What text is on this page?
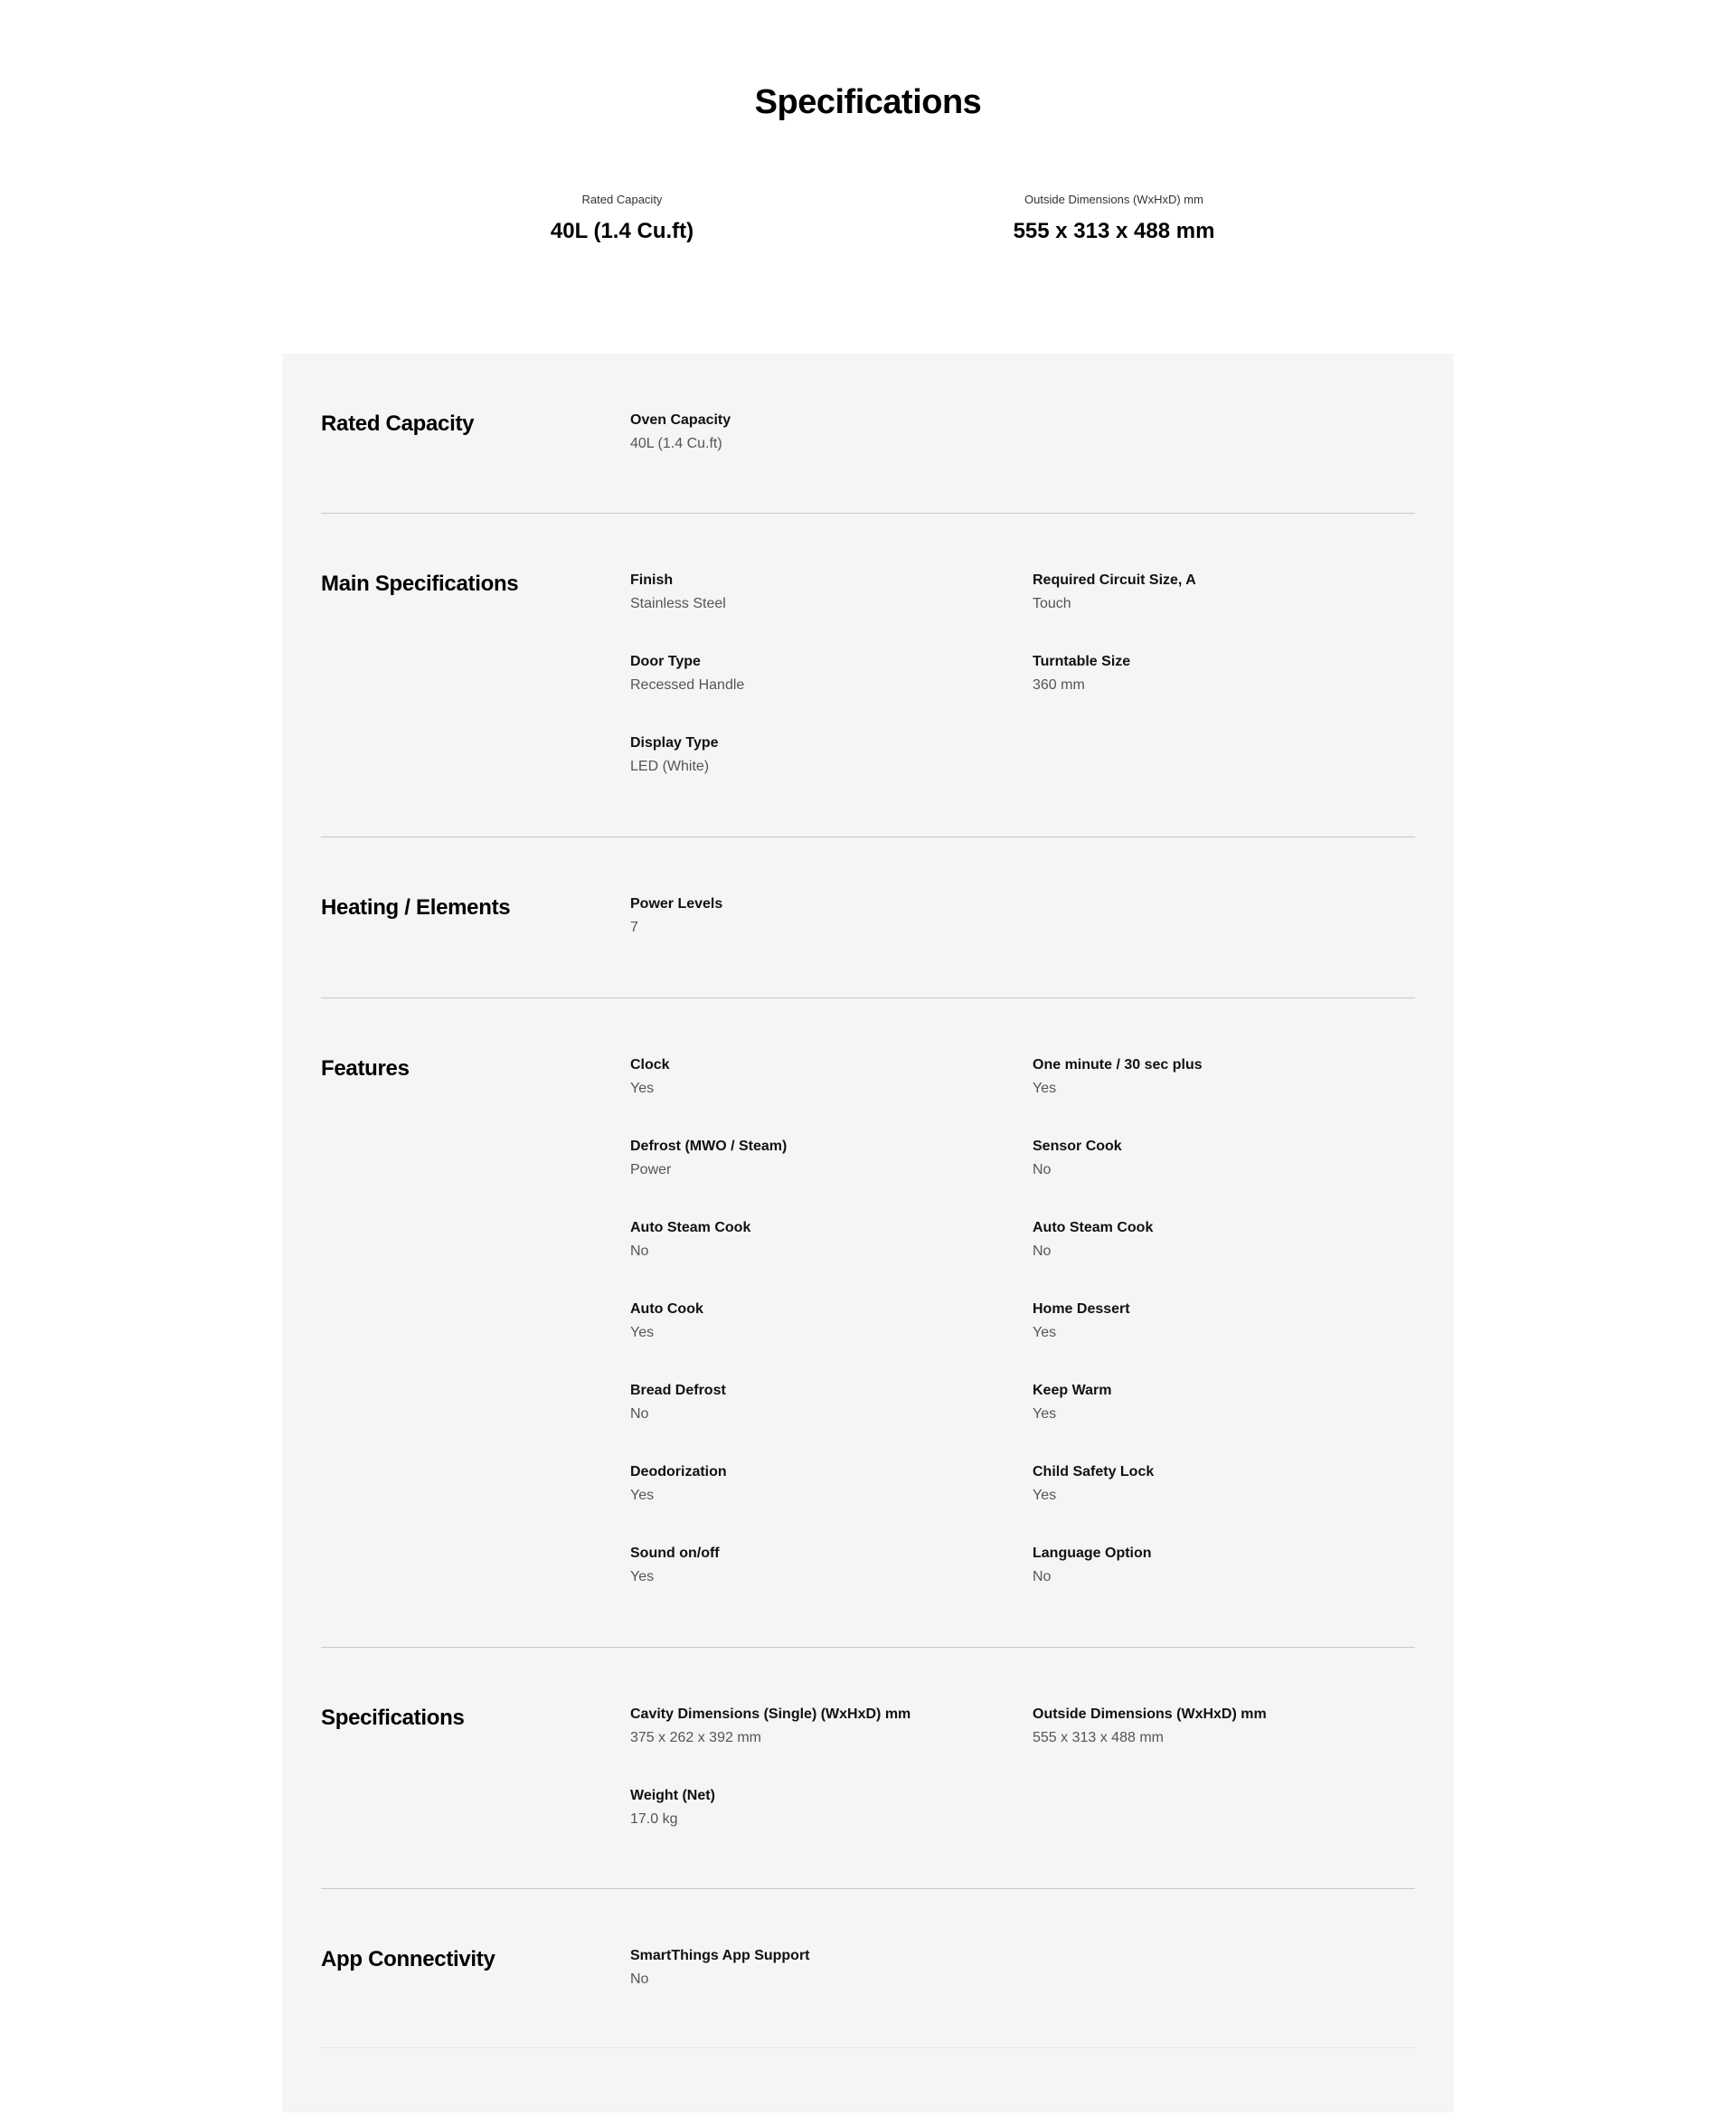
Specifications
Rated Capacity
40L (1.4 Cu.ft)
Outside Dimensions (WxHxD) mm
555 x 313 x 488 mm
Rated Capacity	Oven Capacity
40L (1.4 Cu.ft)
Main Specifications	Finish
Stainless Steel
Required Circuit Size, A
Touch
Door Type
Recessed Handle
Turntable Size
360 mm
Display Type
LED (White)
Heating / Elements	Power Levels
7
Features	Clock
Yes
One minute / 30 sec plus
Yes
Defrost (MWO / Steam)
Power
Sensor Cook
No
Auto Steam Cook
No
Auto Steam Cook
No
Auto Cook
Yes
Home Dessert
Yes
Bread Defrost
No
Keep Warm
Yes
Deodorization
Yes
Child Safety Lock
Yes
Sound on/off
Yes
Language Option
No
Specifications	Cavity Dimensions (Single) (WxHxD) mm
375 x 262 x 392 mm
Outside Dimensions (WxHxD) mm
555 x 313 x 488 mm
Weight (Net)
17.0 kg
App Connectivity	SmartThings App Support
No
